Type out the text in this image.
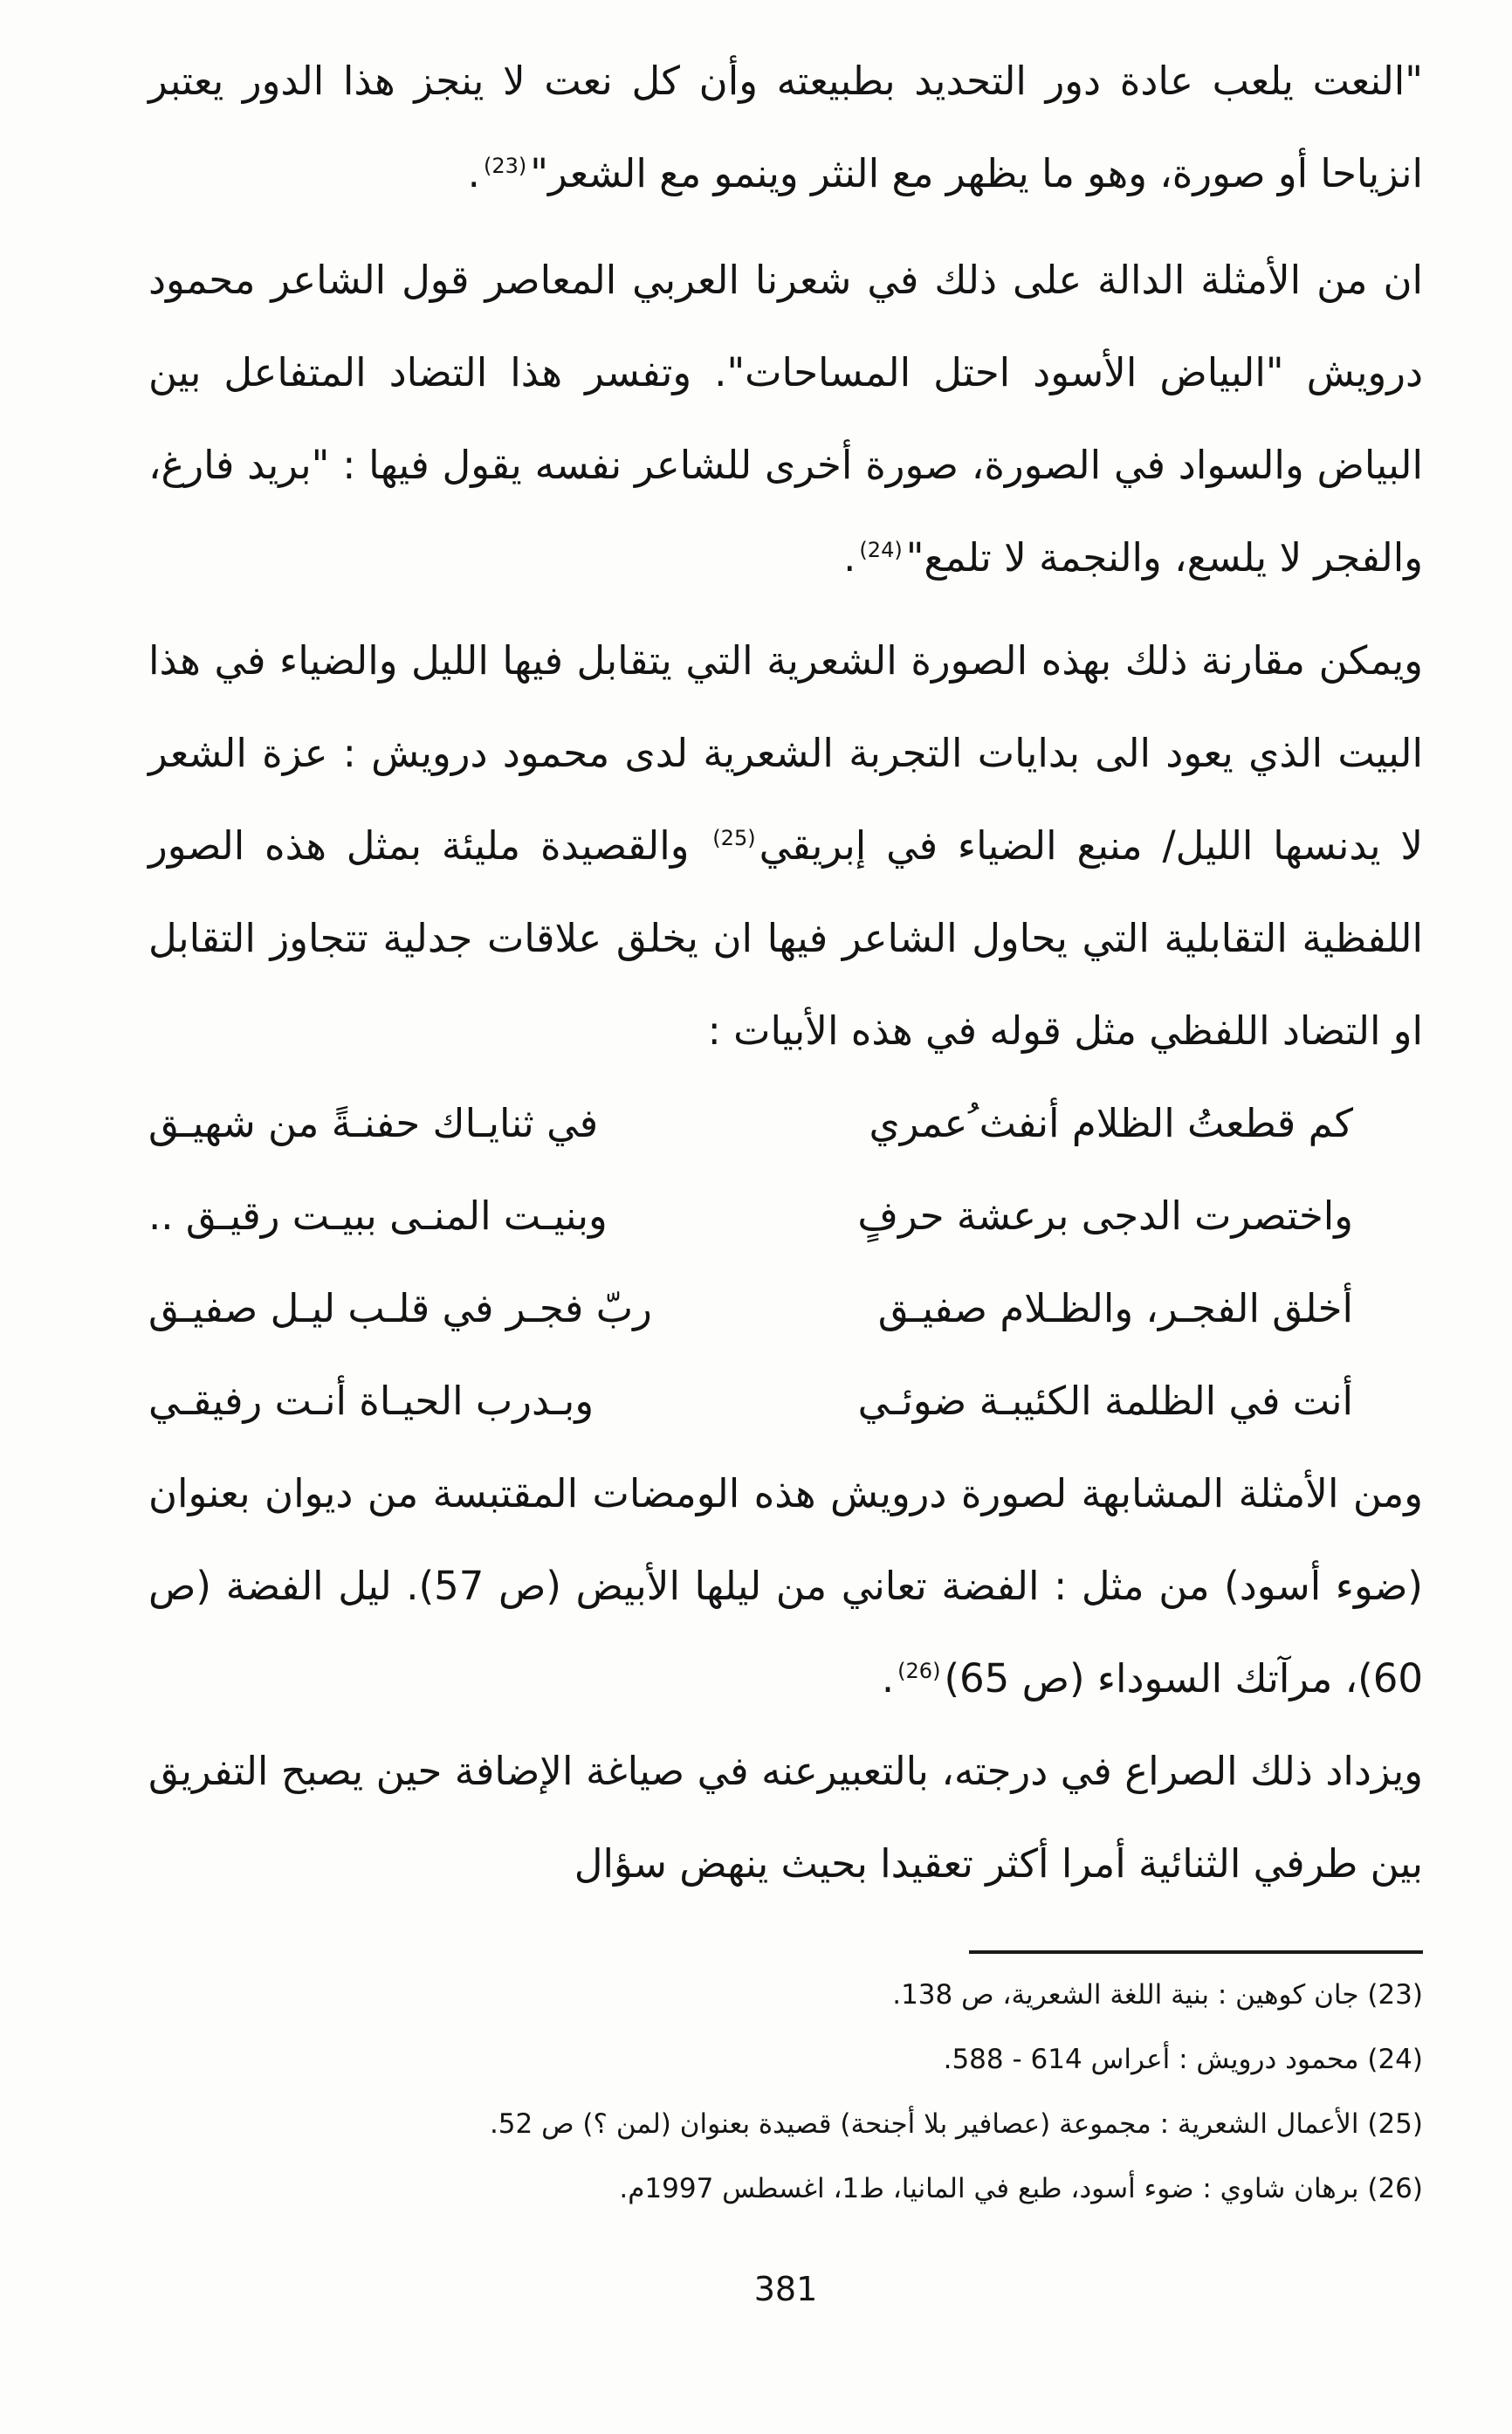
"النعت يلعب عادة دور التحديد بطبيعته وأن كل نعت لا ينجز هذا الدور يعتبر انزياحا أو صورة، وهو ما يظهر مع النثر وينمو مع الشعر"$^{(23)}$.

ان من الأمثلة الدالة على ذلك في شعرنا العربي المعاصر قول الشاعر محمود درويش "البياض الأسود احتل المساحات". وتفسر هذا التضاد المتفاعل بين البياض والسواد في الصورة، صورة أخرى للشاعر نفسه يقول فيها : "بريد فارغ، والفجر لا يلسع، والنجمة لا تلمع"$^{(24)}$.

ويمكن مقارنة ذلك بهذه الصورة الشعرية التي يتقابل فيها الليل والضياء في هذا البيت الذي يعود الى بدايات التجربة الشعرية لدى محمود درويش : عزة الشعر لا يدنسها الليل/ منبع الضياء في إبريقي$^{(25)}$ والقصيدة مليئة بمثل هذه الصور اللفظية التقابلية التي يحاول الشاعر فيها ان يخلق علاقات جدلية تتجاوز التقابل او التضاد اللفظي مثل قوله في هذه الأبيات :

كم قطعتُ الظلام أنفث ُعمري
في ثنايـاك حفنـةً من شهيـق
واختصرت الدجى برعشة حرفٍ
وبنيـت المنـى ببيـت رقيـق ..
أخلق الفجـر، والظـلام صفيـق
ربّ فجـر في قلـب ليـل صفيـق
أنت في الظلمة الكئيبـة ضوئـي
وبـدرب الحيـاة أنـت رفيقـي

ومن الأمثلة المشابهة لصورة درويش هذه الومضات المقتبسة من ديوان بعنوان (ضوء أسود) من مثل : الفضة تعاني من ليلها الأبيض (ص 57). ليل الفضة (ص 60)، مرآتك السوداء (ص 65)$^{(26)}$.

ويزداد ذلك الصراع في درجته، بالتعبيرعنه في صياغة الإضافة حين يصبح التفريق بين طرفي الثنائية أمرا أكثر تعقيدا بحيث ينهض سؤال

(23) جان كوهين : بنية اللغة الشعرية، ص 138.

(24) محمود درويش : أعراس 614 - 588.

(25) الأعمال الشعرية : مجموعة (عصافير بلا أجنحة) قصيدة بعنوان (لمن ؟) ص 52.

(26) برهان شاوي : ضوء أسود، طبع في المانيا، ط1، اغسطس 1997م.

381
